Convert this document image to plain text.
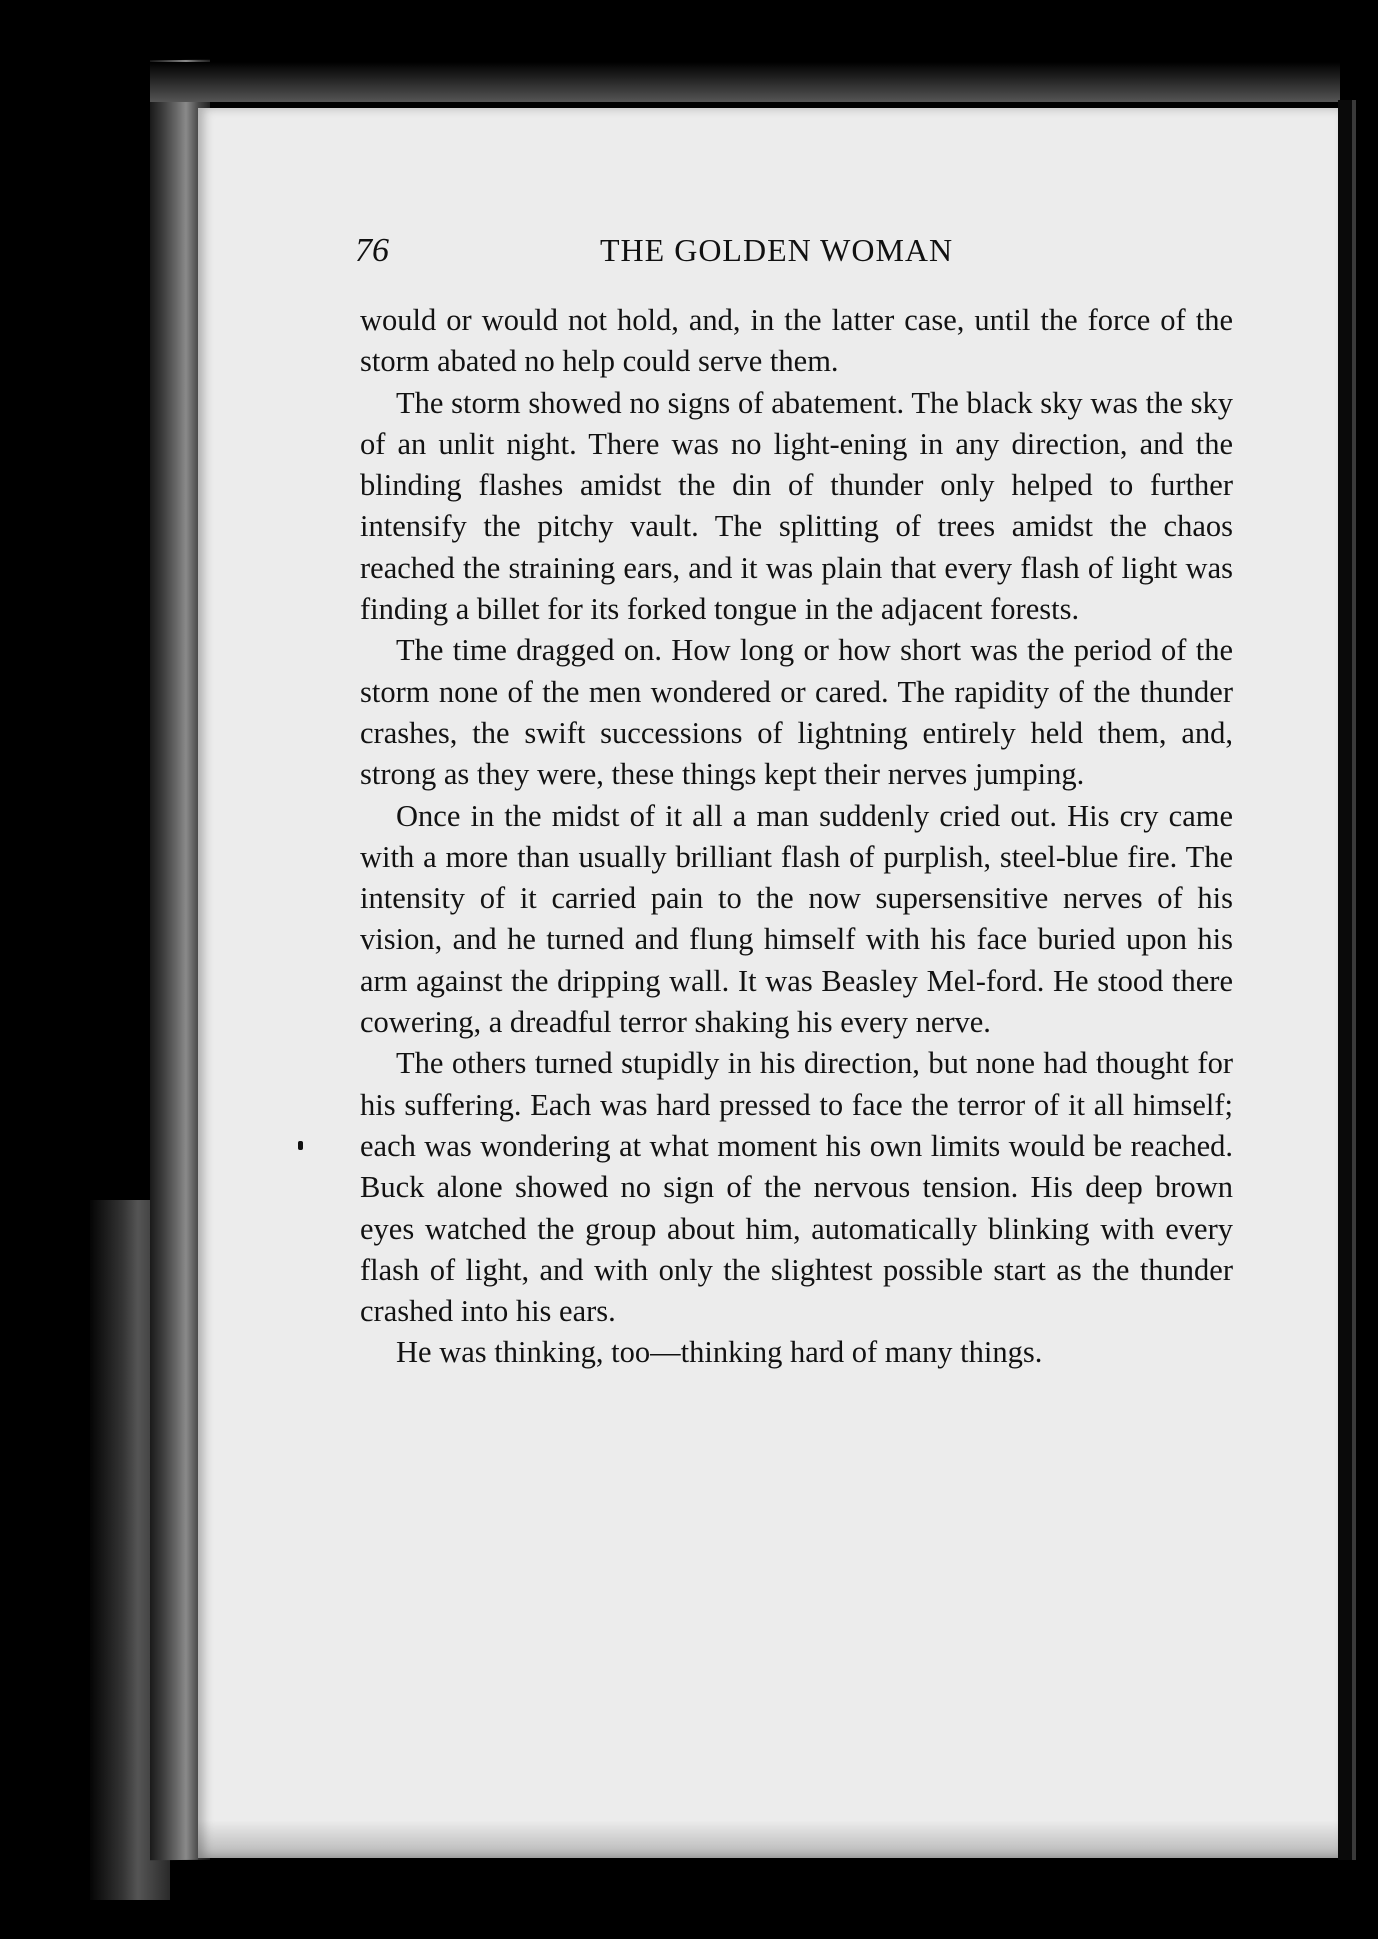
76	THE GOLDEN WOMAN

would or would not hold, and, in the latter case, until the force of the storm abated no help could serve them.

The storm showed no signs of abatement. The black sky was the sky of an unlit night. There was no light-ening in any direction, and the blinding flashes amidst the din of thunder only helped to further intensify the pitchy vault. The splitting of trees amidst the chaos reached the straining ears, and it was plain that every flash of light was finding a billet for its forked tongue in the adjacent forests.

The time dragged on. How long or how short was the period of the storm none of the men wondered or cared. The rapidity of the thunder crashes, the swift successions of lightning entirely held them, and, strong as they were, these things kept their nerves jumping.

Once in the midst of it all a man suddenly cried out. His cry came with a more than usually brilliant flash of purplish, steel-blue fire. The intensity of it carried pain to the now supersensitive nerves of his vision, and he turned and flung himself with his face buried upon his arm against the dripping wall. It was Beasley Mel-ford. He stood there cowering, a dreadful terror shaking his every nerve.

The others turned stupidly in his direction, but none had thought for his suffering. Each was hard pressed to face the terror of it all himself; each was wondering at what moment his own limits would be reached. Buck alone showed no sign of the nervous tension. His deep brown eyes watched the group about him, automatically blinking with every flash of light, and with only the slightest possible start as the thunder crashed into his ears.

He was thinking, too—thinking hard of many things.
